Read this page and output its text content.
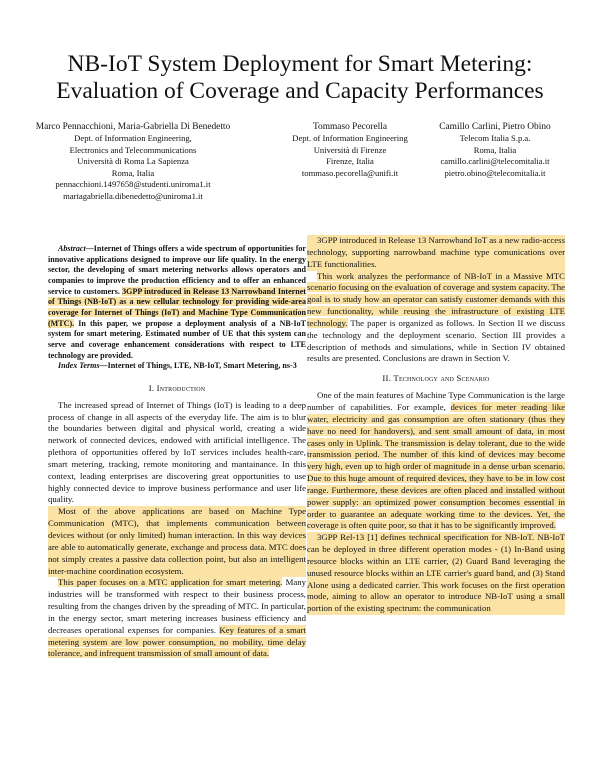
NB-IoT System Deployment for Smart Metering:
Evaluation of Coverage and Capacity Performances
Marco Pennacchioni, Maria-Gabriella Di Benedetto
Dept. of Information Engineering,
Electronics and Telecommunications
Università di Roma La Sapienza
Roma, Italia
pennacchioni.1497658@studenti.uniroma1.it
mariagabriella.dibenedetto@uniroma1.it
Tommaso Pecorella
Dept. of Information Engineering
Università di Firenze
Firenze, Italia
tommaso.pecorella@unifi.it
Camillo Carlini, Pietro Obino
Telecom Italia S.p.a.
Roma, Italia
camillo.carlini@telecomitalia.it
pietro.obino@telecomitalia.it

Abstract—Internet of Things offers a wide spectrum of opportunities for innovative applications designed to improve our life quality. In the energy sector, the developing of smart metering networks allows operators and companies to improve the production efficiency and to offer an enhanced service to customers. 3GPP introduced in Release 13 Narrowband Internet of Things (NB-IoT) as a new cellular technology for providing wide-area coverage for Internet of Things (IoT) and Machine Type Communication (MTC). In this paper, we propose a deployment analysis of a NB-IoT system for smart metering. Estimated number of UE that this system can serve and coverage enhancement considerations with respect to LTE technology are provided.

Index Terms—Internet of Things, LTE, NB-IoT, Smart Metering, ns-3

I. Introduction

The increased spread of Internet of Things (IoT) is leading to a deep process of change in all aspects of the everyday life. The aim is to blur the boundaries between digital and physical world, creating a wide network of connected devices, endowed with artificial intelligence. The plethora of opportunities offered by IoT services includes health-care, smart metering, tracking, remote monitoring and mantainance. In this context, leading enterprises are discovering great opportunities to use highly connected device to improve business performance and user life quality.

Most of the above applications are based on Machine Type Communication (MTC), that implements communication between devices without (or only limited) human interaction. In this way devices are able to automatically generate, exchange and process data. MTC does not simply creates a passive data collection point, but also an intelligent inter-machine coordination ecosystem.

This paper focuses on a MTC application for smart metering. Many industries will be transformed with respect to their business process, resulting from the changes driven by the spreading of MTC. In particular, in the energy sector, smart metering increases business efficiency and decreases operational expenses for companies. Key features of a smart metering system are low power consumption, no mobility, time delay tolerance, and infrequent transmission of small amount of data.

3GPP introduced in Release 13 Narrowband IoT as a new radio-access technology, supporting narrowband machine type comunications over LTE functionalities.

This work analyzes the performance of NB-IoT in a Massive MTC scenario focusing on the evaluation of coverage and system capacity. The goal is to study how an operator can satisfy customer demands with this new functionality, while reusing the infrastructure of existing LTE technology. The paper is organized as follows. In Section II we discuss the technology and the deployment scenario. Section III provides a description of methods and simulations, while in Section IV obtained results are presented. Conclusions are drawn in Section V.

II. Technology and Scenario

One of the main features of Machine Type Communication is the large number of capabilities. For example, devices for meter reading like water, electricity and gas consumption are often stationary (thus they have no need for handovers), and sent small amount of data, in most cases only in Uplink. The transmission is delay tolerant, due to the wide transmission period. The number of this kind of devices may become very high, even up to high order of magnitude in a dense urban scenario. Due to this huge amount of required devices, they have to be in low cost range. Furthermore, these devices are often placed and installed without power supply: an optimized power consumption becomes essential in order to guarantee an adequate working time to the devices. Yet, the coverage is often quite poor, so that it has to be significantly improved.

3GPP Rel-13 [1] defines technical specification for NB-IoT. NB-IoT can be deployed in three different operation modes - (1) In-Band using resource blocks within an LTE carrier, (2) Guard Band leveraging the unused resource blocks within an LTE carrier's guard band, and (3) Stand Alone using a dedicated carrier. This work focuses on the first operation mode, aiming to allow an operator to introduce NB-IoT using a small portion of the existing spectrum: the communication
